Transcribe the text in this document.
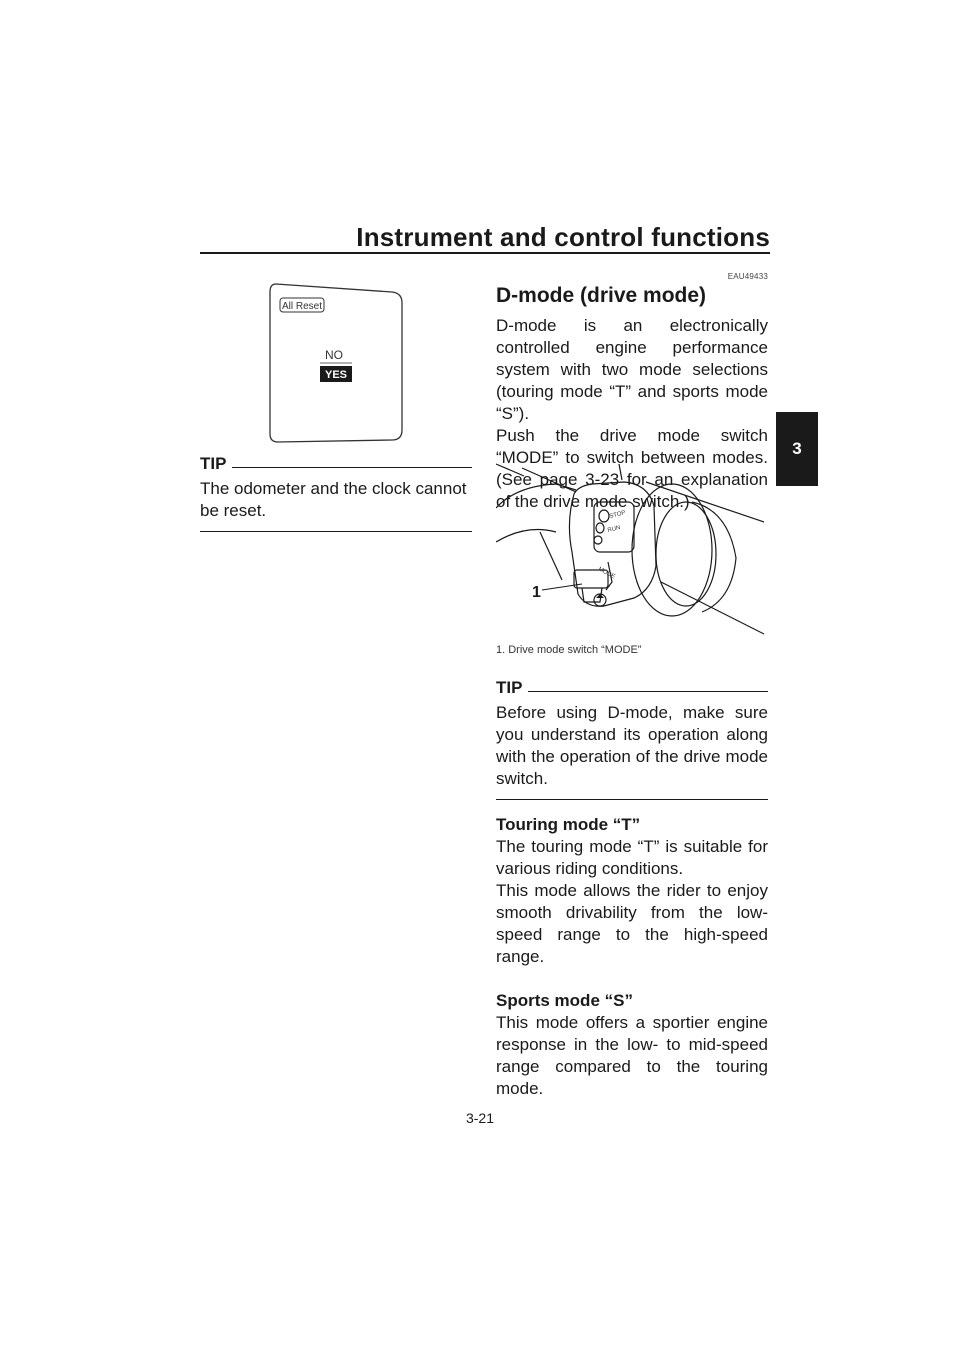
Instrument and control functions
3
All Reset
NO
YES
TIP
The odometer and the clock cannot be reset.
EAU49433
D-mode (drive mode)
D-mode is an electronically controlled engine performance system with two mode selections (touring mode “T” and sports mode “S”).
Push the drive mode switch “MODE” to switch between modes. (See page 3-23 for an explanation of the drive mode switch.)
STOP
RUN
MODE
1
1. Drive mode switch “MODE”
TIP
Before using D-mode, make sure you understand its operation along with the operation of the drive mode switch.
Touring mode “T”
The touring mode “T” is suitable for various riding conditions.
This mode allows the rider to enjoy smooth drivability from the low-speed range to the high-speed range.
Sports mode “S”
This mode offers a sportier engine response in the low- to mid-speed range compared to the touring mode.
3-21
